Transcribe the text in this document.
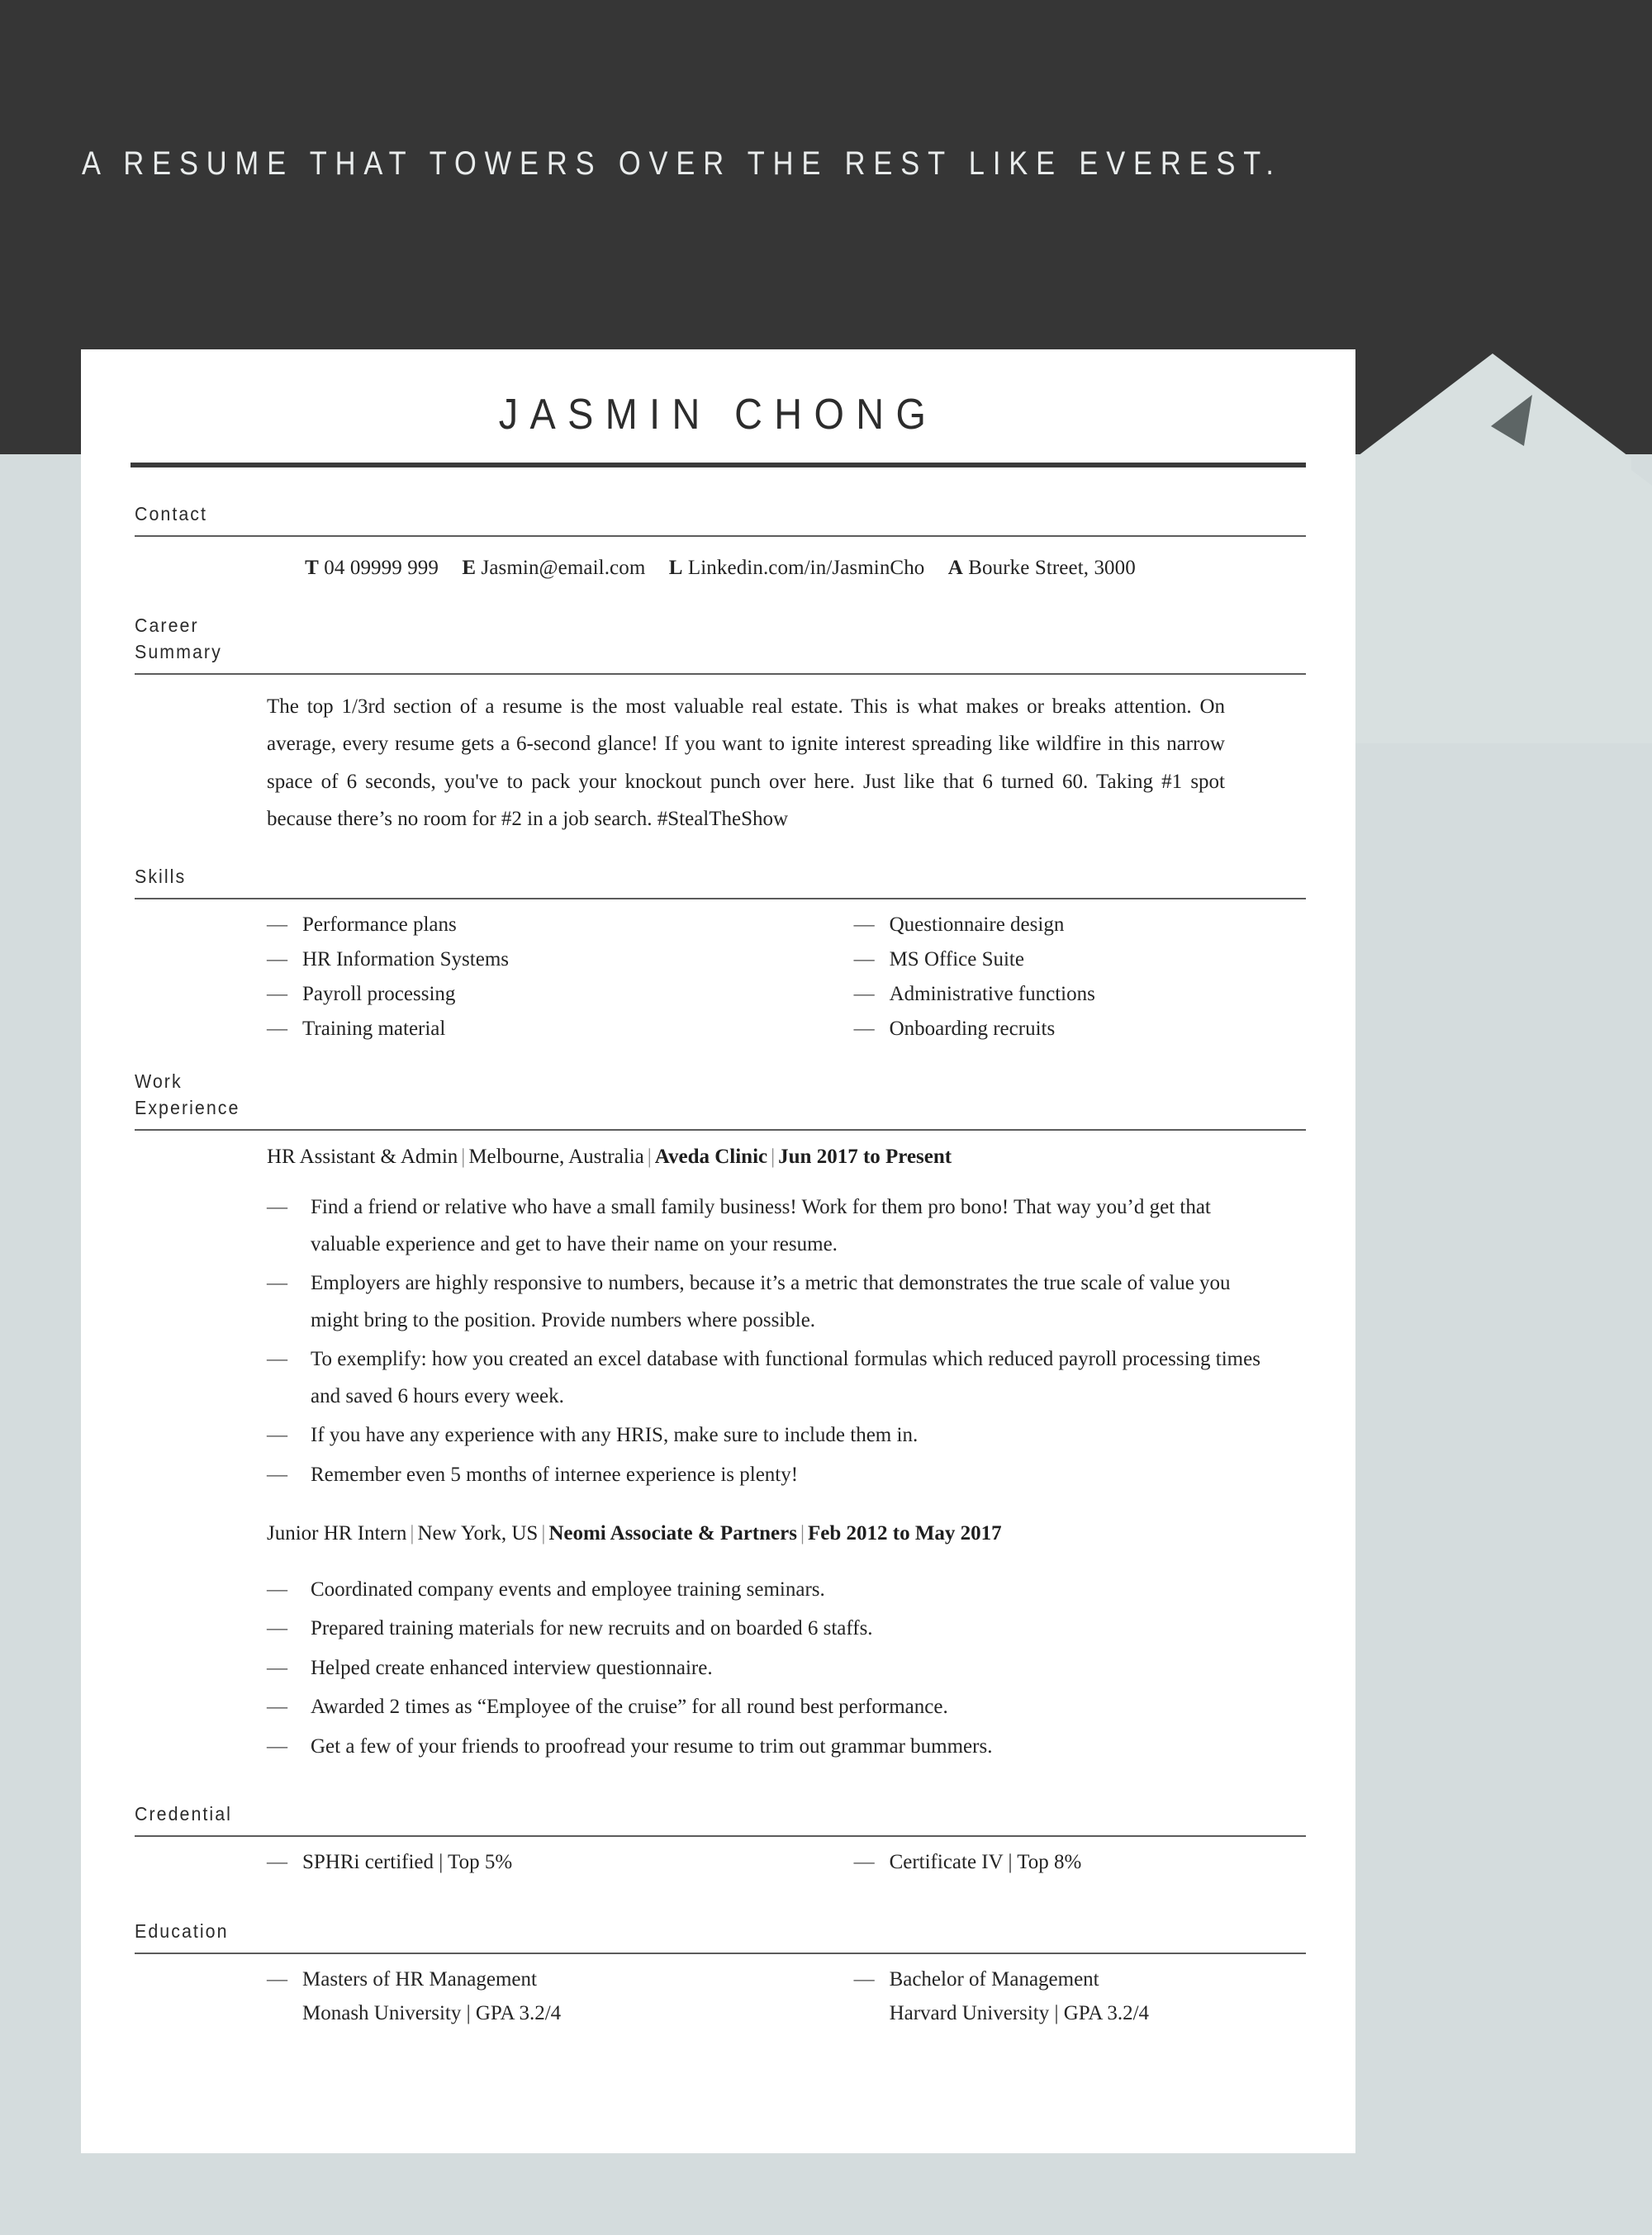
A RESUME THAT TOWERS OVER THE REST LIKE EVEREST.
JASMIN CHONG
Contact
T 04 09999 999 E Jasmin@email.com L Linkedin.com/in/JasminCho A Bourke Street, 3000
Career
Summary
The top 1/3rd section of a resume is the most valuable real estate. This is what makes or breaks attention. On average, every resume gets a 6-second glance! If you want to ignite interest spreading like wildfire in this narrow space of 6 seconds, you've to pack your knockout punch over here. Just like that 6 turned 60. Taking #1 spot because there’s no room for #2 in a job search. #StealTheShow
Skills
— Performance plans
— HR Information Systems
— Payroll processing
— Training material
— Questionnaire design
— MS Office Suite
— Administrative functions
— Onboarding recruits
Work
Experience
HR Assistant & Admin | Melbourne, Australia | Aveda Clinic | Jun 2017 to Present
—	Find a friend or relative who have a small family business! Work for them pro bono! That way you’d get that valuable experience and get to have their name on your resume.
—	Employers are highly responsive to numbers, because it’s a metric that demonstrates the true scale of value you might bring to the position. Provide numbers where possible.
—	To exemplify: how you created an excel database with functional formulas which reduced payroll processing times and saved 6 hours every week.
—	If you have any experience with any HRIS, make sure to include them in.
—	Remember even 5 months of internee experience is plenty!
Junior HR Intern | New York, US | Neomi Associate & Partners | Feb 2012 to May 2017
—	Coordinated company events and employee training seminars.
—	Prepared training materials for new recruits and on boarded 6 staffs.
—	Helped create enhanced interview questionnaire.
—	Awarded 2 times as “Employee of the cruise” for all round best performance.
—	Get a few of your friends to proofread your resume to trim out grammar bummers.
Credential
— SPHRi certified | Top 5%	— Certificate IV | Top 8%
Education
— Masters of HR Management
Monash University | GPA 3.2/4
— Bachelor of Management
Harvard University | GPA 3.2/4
